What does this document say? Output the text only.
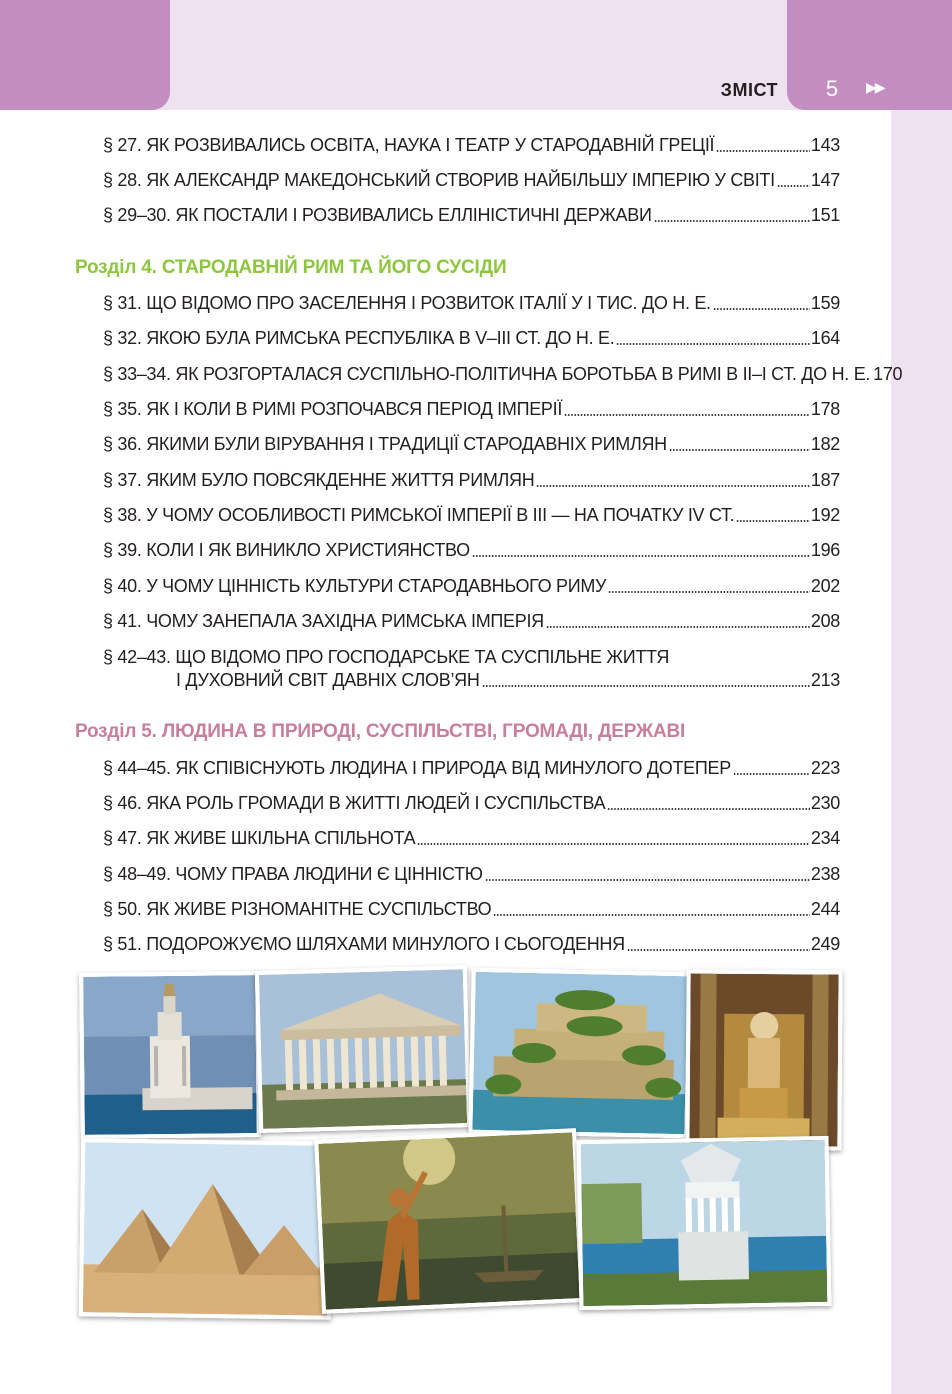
ЗМІСТ 5	▶▶
§ 27. ЯК РОЗВИВАЛИСЬ ОСВІТА, НАУКА І ТЕАТР У СТАРОДАВНІЙ ГРЕЦІЇ	143
§ 28. ЯК АЛЕКСАНДР МАКЕДОНСЬКИЙ СТВОРИВ НАЙБІЛЬШУ ІМПЕРІЮ У СВІТІ 147
§ 29–30. ЯК ПОСТАЛИ І РОЗВИВАЛИСЬ ЕЛЛІНІСТИЧНІ ДЕРЖАВИ	151
Розділ 4. СТАРОДАВНІЙ РИМ ТА ЙОГО СУСІДИ
§ 31. ЩО ВІДОМО ПРО ЗАСЕЛЕННЯ І РОЗВИТОК ІТАЛІЇ У І ТИС. ДО Н. Е.	159
§ 32. ЯКОЮ БУЛА РИМСЬКА РЕСПУБЛІКА В V–III СТ. ДО Н. Е.	164
§ 33–34. ЯК РОЗГОРТАЛАСЯ СУСПІЛЬНО-ПОЛІТИЧНА БОРОТЬБА В РИМІ В ІІ–І СТ. ДО Н. Е. 170
§ 35. ЯК І КОЛИ В РИМІ РОЗПОЧАВСЯ ПЕРІОД ІМПЕРІЇ	178
§ 36. ЯКИМИ БУЛИ ВІРУВАННЯ І ТРАДИЦІЇ СТАРОДАВНІХ РИМЛЯН	182
§ 37. ЯКИМ БУЛО ПОВСЯКДЕННЕ ЖИТТЯ РИМЛЯН	187
§ 38. У ЧОМУ ОСОБЛИВОСТІ РИМСЬКОЇ ІМПЕРІЇ В ІІІ — НА ПОЧАТКУ IV СТ.	192
§ 39. КОЛИ І ЯК ВИНИКЛО ХРИСТИЯНСТВО	196
§ 40. У ЧОМУ ЦІННІСТЬ КУЛЬТУРИ СТАРОДАВНЬОГО РИМУ	202
§ 41. ЧОМУ ЗАНЕПАЛА ЗАХІДНА РИМСЬКА ІМПЕРІЯ	208
§ 42–43. ЩО ВІДОМО ПРО ГОСПОДАРСЬКЕ ТА СУСПІЛЬНЕ ЖИТТЯ
І ДУХОВНИЙ СВІТ ДАВНІХ СЛОВ’ЯН	213
Розділ 5. ЛЮДИНА В ПРИРОДІ, СУСПІЛЬСТВІ, ГРОМАДІ, ДЕРЖАВІ
§ 44–45. ЯК СПІВІСНУЮТЬ ЛЮДИНА І ПРИРОДА ВІД МИНУЛОГО ДОТЕПЕР	223
§ 46. ЯКА РОЛЬ ГРОМАДИ В ЖИТТІ ЛЮДЕЙ І СУСПІЛЬСТВА	230
§ 47. ЯК ЖИВЕ ШКІЛЬНА СПІЛЬНОТА	234
§ 48–49. ЧОМУ ПРАВА ЛЮДИНИ Є ЦІННІСТЮ	238
§ 50. ЯК ЖИВЕ РІЗНОМАНІТНЕ СУСПІЛЬСТВО	244
§ 51. ПОДОРОЖУЄМО ШЛЯХАМИ МИНУЛОГО І СЬОГОДЕННЯ	249
